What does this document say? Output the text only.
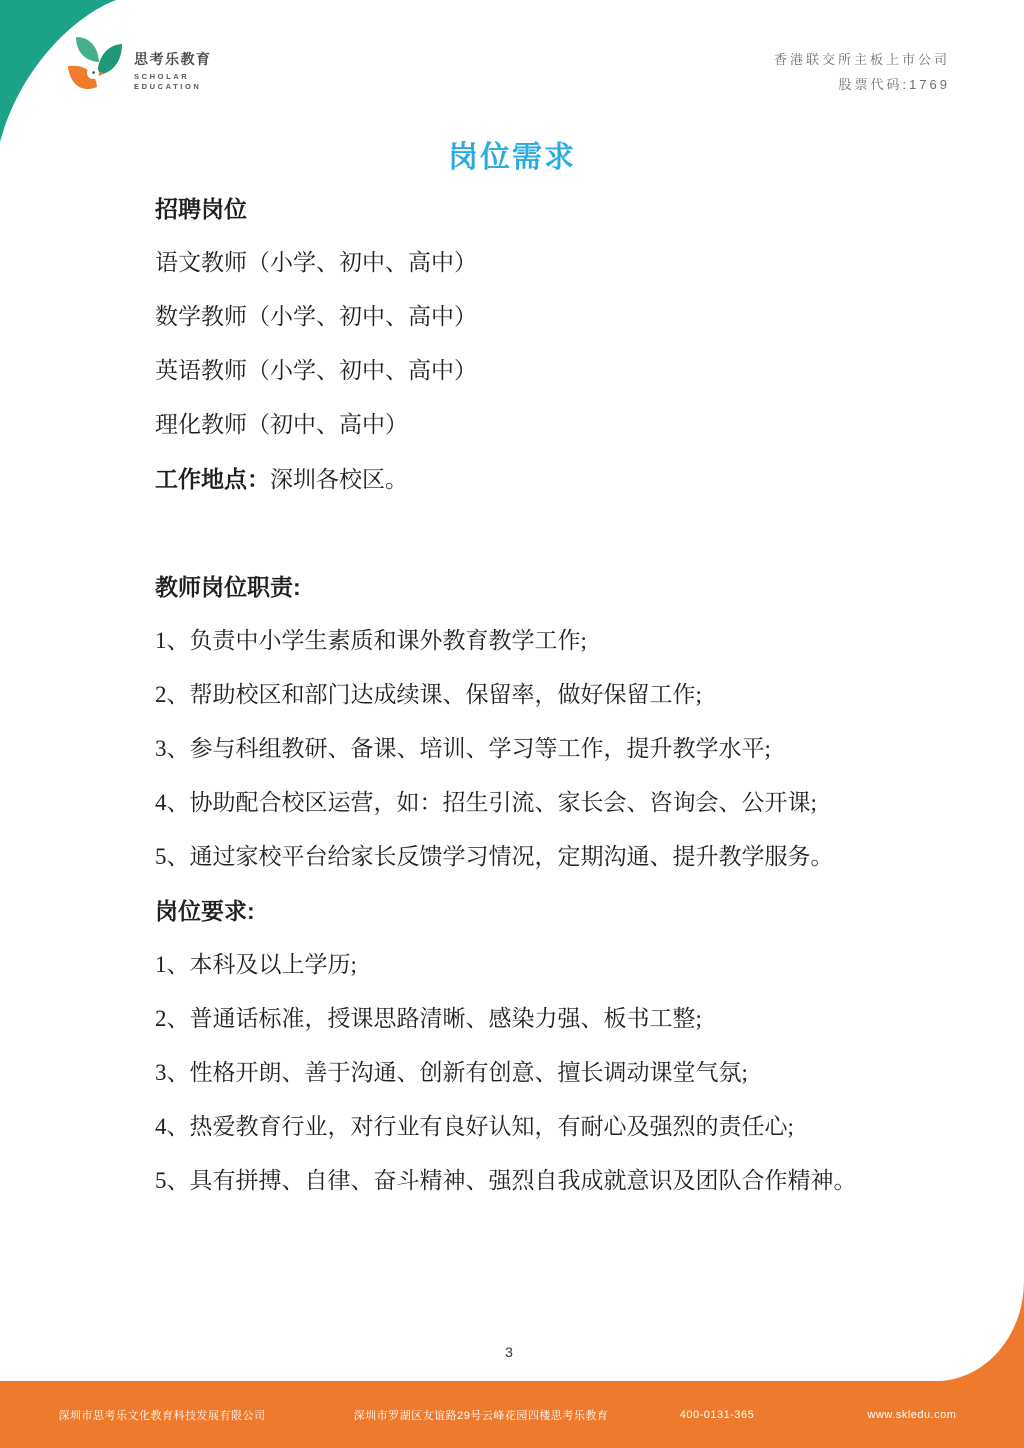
思考乐教育
SCHOLAR
EDUCATION
香港联交所主板上市公司
股票代码:1769
岗位需求

招聘岗位

语文教师（小学、初中、高中）

数学教师（小学、初中、高中）

英语教师（小学、初中、高中）

理化教师（初中、高中）

工作地点：深圳各校区。

教师岗位职责:

1、负责中小学生素质和课外教育教学工作;

2、帮助校区和部门达成续课、保留率，做好保留工作;

3、参与科组教研、备课、培训、学习等工作，提升教学水平;

4、协助配合校区运营，如：招生引流、家长会、咨询会、公开课;

5、通过家校平台给家长反馈学习情况，定期沟通、提升教学服务。

岗位要求:

1、本科及以上学历;

2、普通话标准，授课思路清晰、感染力强、板书工整;

3、性格开朗、善于沟通、创新有创意、擅长调动课堂气氛;

4、热爱教育行业，对行业有良好认知，有耐心及强烈的责任心;

5、具有拼搏、自律、奋斗精神、强烈自我成就意识及团队合作精神。

3
深圳市思考乐文化教育科技发展有限公司	深圳市罗湖区友谊路29号云峰花园四楼思考乐教育	400-0131-365	www.skledu.com
